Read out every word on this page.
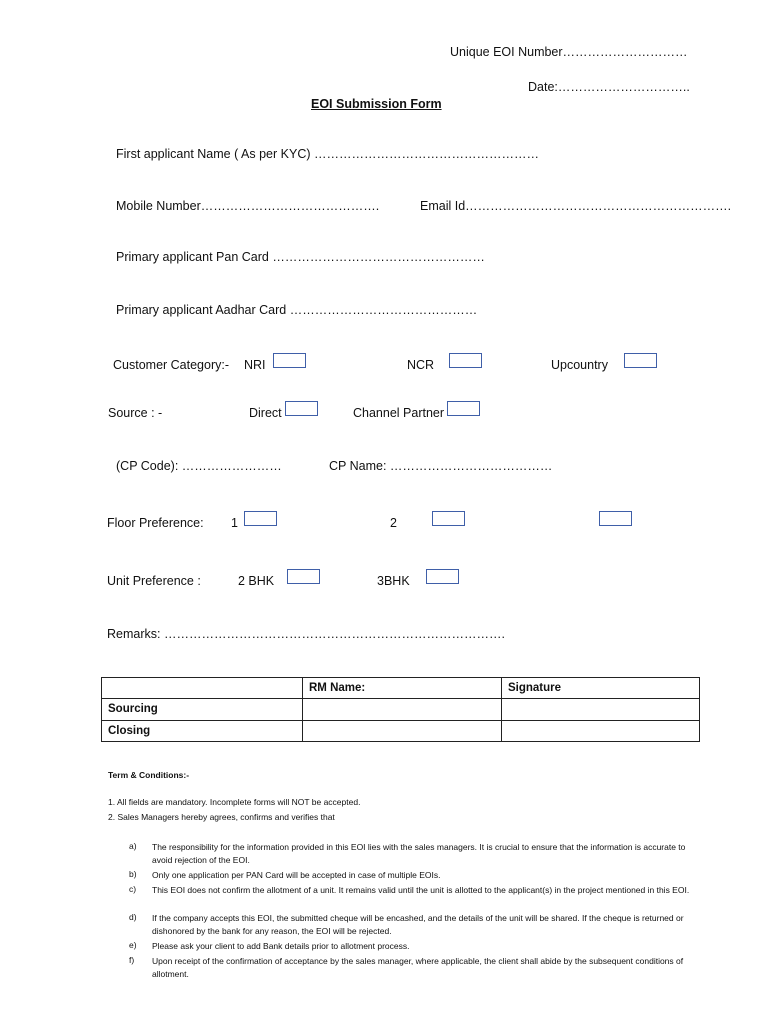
Unique EOI Number…………………………
Date:…………………………..
EOI Submission Form
First applicant Name ( As per KYC) ………………………………………………
Mobile Number…………………………………….	Email Id……………………………………………………….
Primary applicant Pan Card ……………………………………………
Primary applicant Aadhar Card ………………………………………
Customer Category:- NRI	NCR	Upcountry
Source : -	Direct	Channel Partner
(CP Code): ……………………	CP Name: …………………………………
Floor Preference: 1	2
Unit Preference :	2 BHK	3BHK
Remarks: ……………………………………………………………………….
	RM Name:	Signature
Sourcing		
Closing		
Term & Conditions:-
1. All fields are mandatory. Incomplete forms will NOT be accepted.
2. Sales Managers hereby agrees, confirms and verifies that
a) The responsibility for the information provided in this EOI lies with the sales managers. It is crucial to ensure that the information is accurate to avoid rejection of the EOI.
b) Only one application per PAN Card will be accepted in case of multiple EOIs.
c) This EOI does not confirm the allotment of a unit. It remains valid until the unit is allotted to the applicant(s) in the project mentioned in this EOI.
d) If the company accepts this EOI, the submitted cheque will be encashed, and the details of the unit will be shared. If the cheque is returned or dishonored by the bank for any reason, the EOI will be rejected.
e) Please ask your client to add Bank details prior to allotment process.
f) Upon receipt of the confirmation of acceptance by the sales manager, where applicable, the client shall abide by the subsequent conditions of allotment.
